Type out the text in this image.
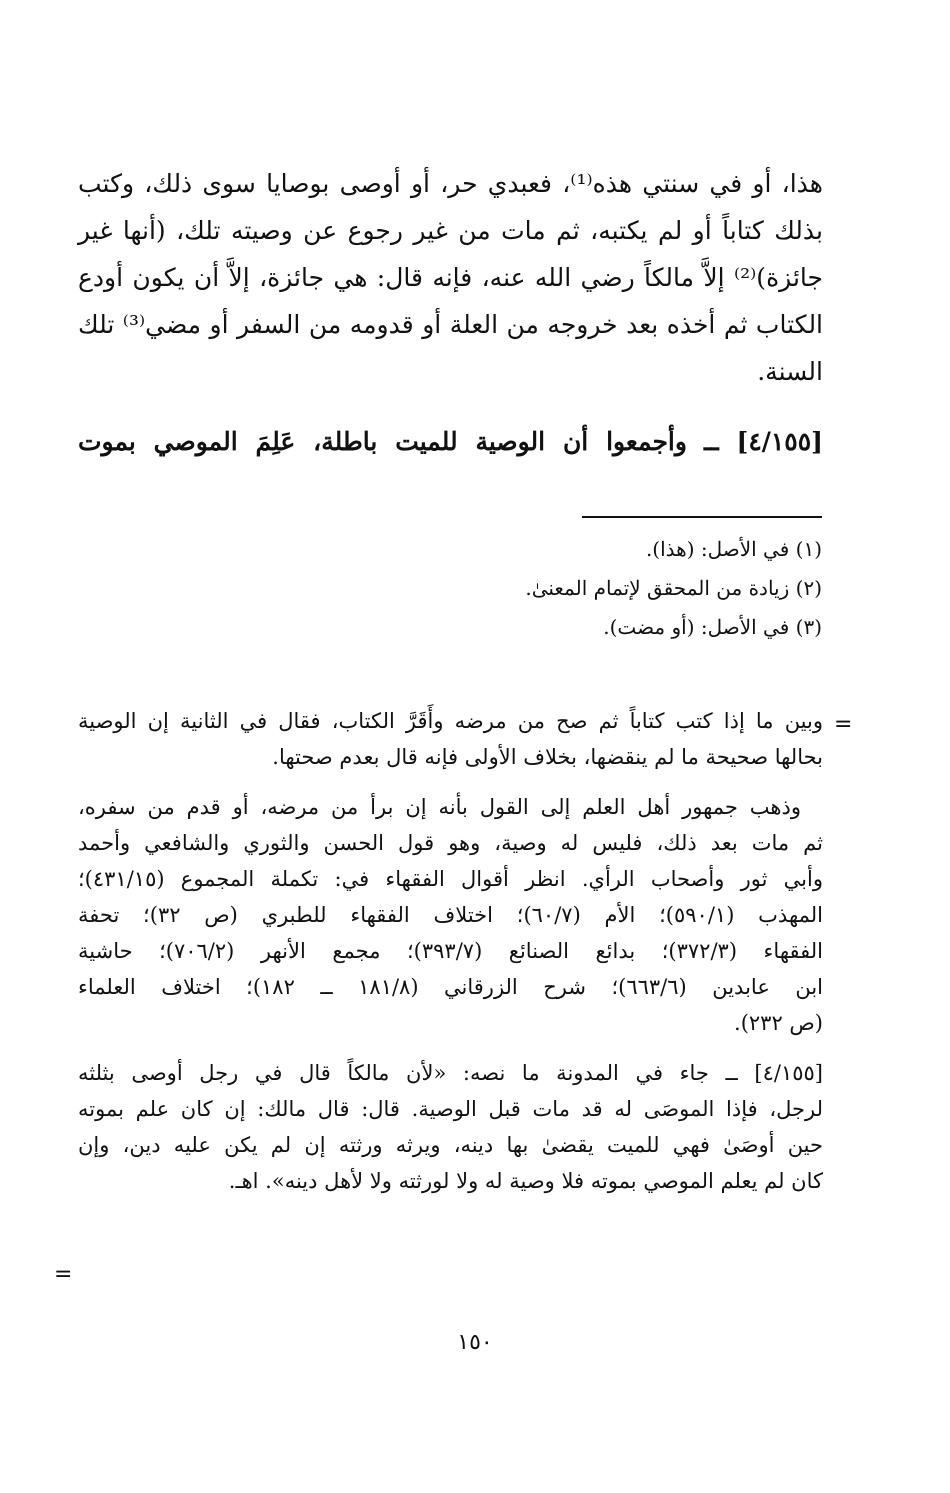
هذا، أو في سنتي هذه⁽¹⁾، فعبدي حر، أو أوصى بوصايا سوى ذلك، وكتب
بذلك كتاباً أو لم يكتبه، ثم مات من غير رجوع عن وصيته تلك، (أنها غير
جائزة)⁽²⁾ إلاَّ مالكاً رضي الله عنه، فإنه قال: هي جائزة، إلاَّ أن يكون أودع
الكتاب ثم أخذه بعد خروجه من العلة أو قدومه من السفر أو مضي⁽³⁾ تلك
السنة.
[٤/١٥٥] ــ وأجمعوا أن الوصية للميت باطلة، عَلِمَ الموصي بموت
(١) في الأصل: (هذا).
(٢) زيادة من المحقق لإتمام المعنىٰ.
(٣) في الأصل: (أو مضت).
=

وبين ما إذا كتب كتاباً ثم صح من مرضه وأَقَرَّ الكتاب، فقال في الثانية إن الوصية
بحالها صحيحة ما لم ينقضها، بخلاف الأولى فإنه قال بعدم صحتها.

وذهب جمهور أهل العلم إلى القول بأنه إن برأ من مرضه، أو قدم من سفره،
ثم مات بعد ذلك، فليس له وصية، وهو قول الحسن والثوري والشافعي وأحمد
وأبي ثور وأصحاب الرأي. انظر أقوال الفقهاء في: تكملة المجموع (٤٣١/١٥)؛
المهذب (٥٩٠/١)؛ الأم (٦٠/٧)؛ اختلاف الفقهاء للطبري (ص ٣٢)؛ تحفة
الفقهاء (٣٧٢/٣)؛ بدائع الصنائع (٣٩٣/٧)؛ مجمع الأنهر (٧٠٦/٢)؛ حاشية
ابن عابدين (٦٦٣/٦)؛ شرح الزرقاني (١٨١/٨ ــ ١٨٢)؛ اختلاف العلماء
(ص ٢٣٢).

[٤/١٥٥] ــ جاء في المدونة ما نصه: «لأن مالكاً قال في رجل أوصى بثلثه
لرجل، فإذا الموصَى له قد مات قبل الوصية. قال: قال مالك: إن كان علم بموته
حين أوصَىٰ فهي للميت يقضىٰ بها دينه، ويرثه ورثته إن لم يكن عليه دين، وإن
كان لم يعلم الموصي بموته فلا وصية له ولا لورثته ولا لأهل دينه». اهـ.

=
١٥٠
